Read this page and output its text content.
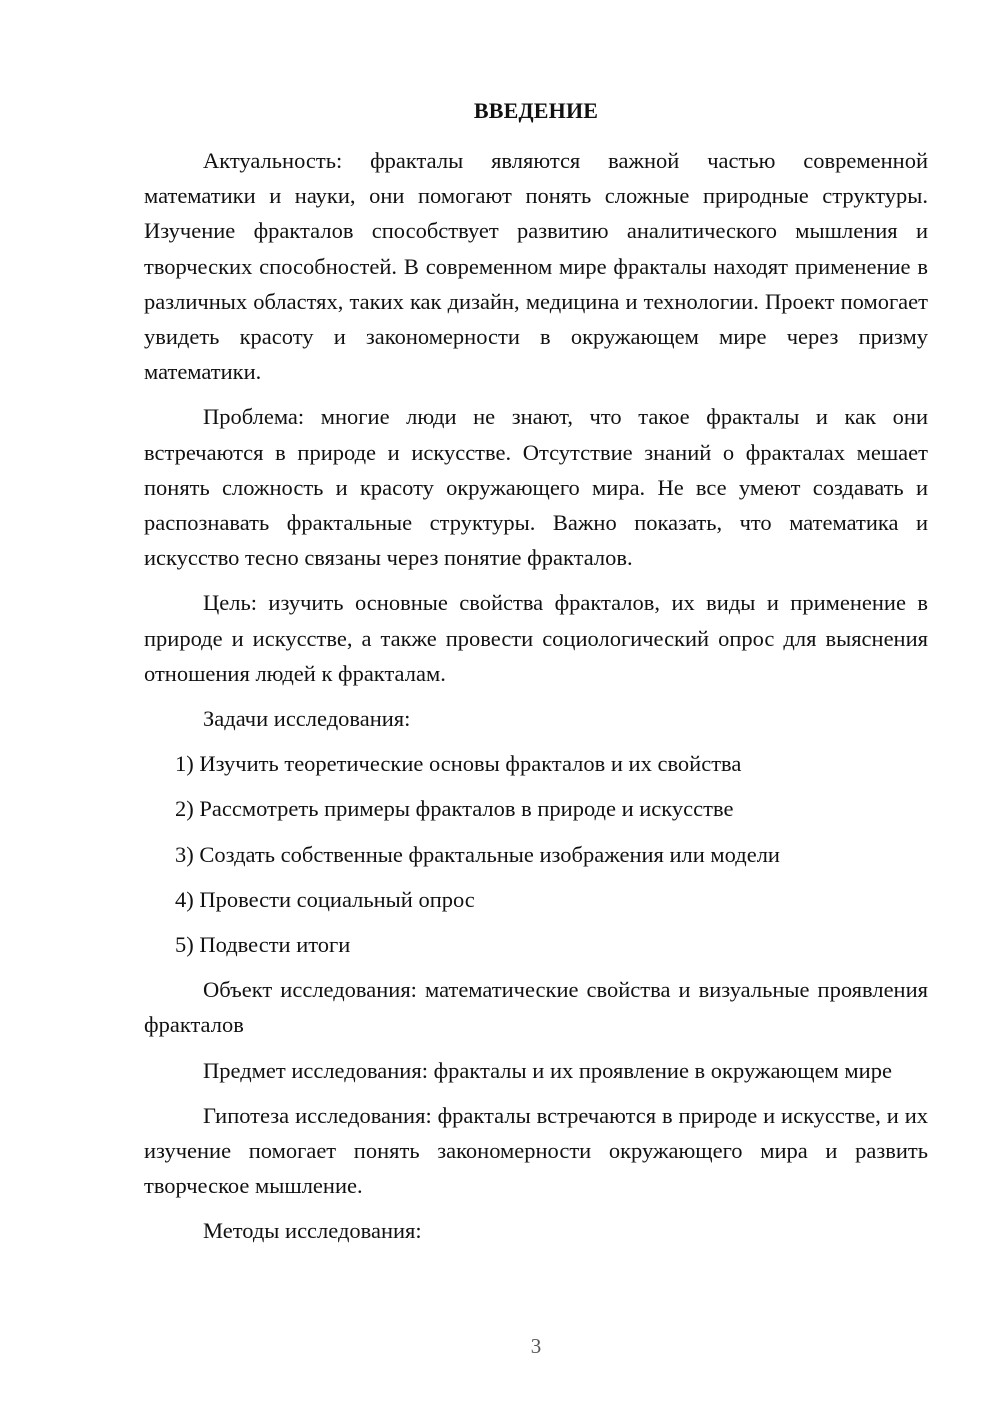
ВВЕДЕНИЕ

Актуальность: фракталы являются важной частью современной математики и науки, они помогают понять сложные природные структуры. Изучение фракталов способствует развитию аналитического мышления и творческих способностей. В современном мире фракталы находят применение в различных областях, таких как дизайн, медицина и технологии. Проект помогает увидеть красоту и закономерности в окружающем мире через призму математики.

Проблема: многие люди не знают, что такое фракталы и как они встречаются в природе и искусстве. Отсутствие знаний о фракталах мешает понять сложность и красоту окружающего мира. Не все умеют создавать и распознавать фрактальные структуры. Важно показать, что математика и искусство тесно связаны через понятие фракталов.

Цель: изучить основные свойства фракталов, их виды и применение в природе и искусстве, а также провести социологический опрос для выяснения отношения людей к фракталам.

Задачи исследования:

1) Изучить теоретические основы фракталов и их свойства
2) Рассмотреть примеры фракталов в природе и искусстве
3) Создать собственные фрактальные изображения или модели
4) Провести социальный опрос
5) Подвести итоги

Объект исследования: математические свойства и визуальные проявления фракталов

Предмет исследования: фракталы и их проявление в окружающем мире

Гипотеза исследования: фракталы встречаются в природе и искусстве, и их изучение помогает понять закономерности окружающего мира и развить творческое мышление.

Методы исследования:

3
